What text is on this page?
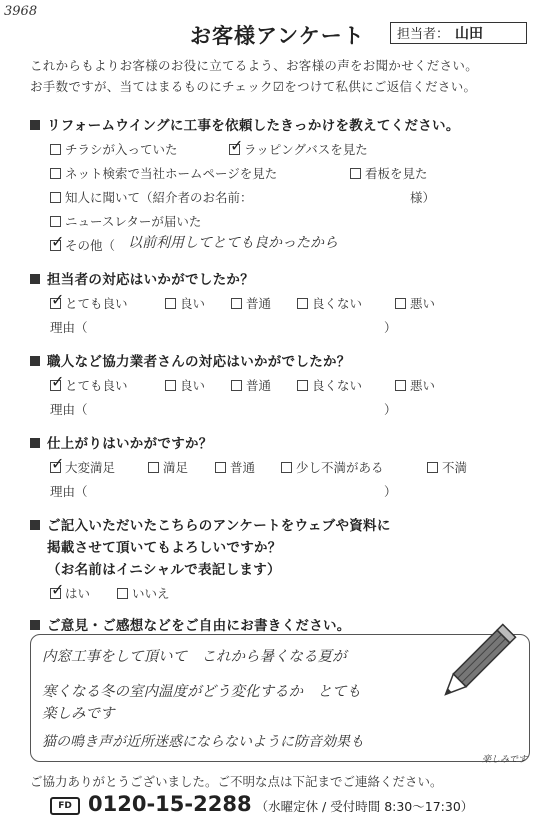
3968
お客様アンケート	担当者： 山田
これからもよりお客様のお役に立てるよう、お客様の声をお聞かせください。
お手数ですが、当てはまるものにチェック☑をつけて私供にご返信ください。
リフォームウイングに工事を依頼したきっかけを教えてください。
チラシが入っていた
✓	ラッピングバスを見た
ネット検索で当社ホームページを見た	看板を見た
知人に聞いて（紹介者のお名前：	様）
ニュースレターが届いた
✓その他（ 以前利用してとても良かったから
担当者の対応はいかがでしたか？
✓とても良い	良い	普通	良くない	悪い
理由（	）
職人など協力業者さんの対応はいかがでしたか？
✓とても良い	良い	普通	良くない	悪い
理由（	）
仕上がりはいかがですか？
✓大変満足	満足	普通	少し不満がある	不満
理由（	）
ご記入いただいたこちらのアンケートをウェブや資料に
掲載させて頂いてもよろしいですか？
（お名前はイニシャルで表記します）
✓はい	いいえ
ご意見・ご感想などをご自由にお書きください。
内窓工事をして頂いて　これから暑くなる夏が
寒くなる冬の室内温度がどう変化するか　とても
楽しみです
猫の鳴き声が近所迷惑にならないように防音効果も
楽しみです
ご協力ありがとうございました。ご不明な点は下記までご連絡ください。
FD 0120-15-2288 （水曜定休 / 受付時間 8:30〜17:30）
